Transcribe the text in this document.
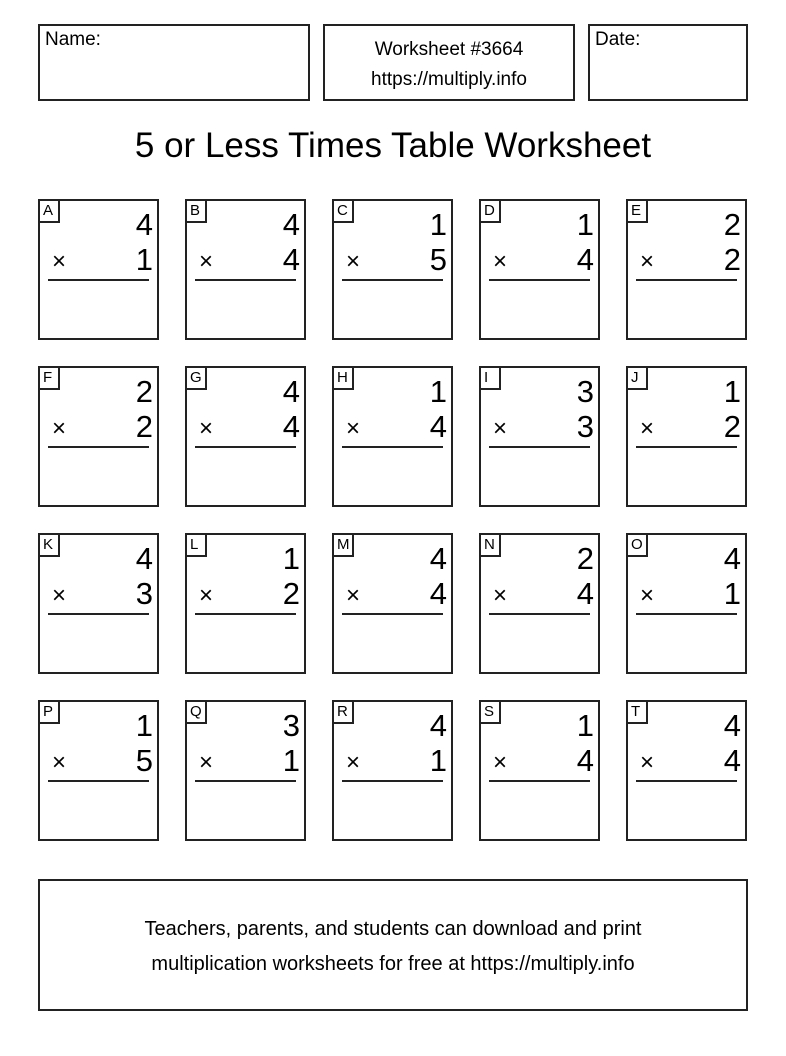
Name:	Worksheet #3664
https://multiply.info
Date:
5 or Less Times Table Worksheet
A	4
× 1
B	4
× 4
C	1
× 5
D	1
× 4
E	2
× 2
F	2
× 2
G	4
× 4
H	1
× 4
I	3
× 3
J	1
× 2
K	4
× 3
L	1
× 2
M	4
× 4
N	2
× 4
O	4
× 1
P	1
× 5
Q	3
× 1
R	4
× 1
S	1
× 4
T	4
× 4
Teachers, parents, and students can download and print
multiplication worksheets for free at https://multiply.info
